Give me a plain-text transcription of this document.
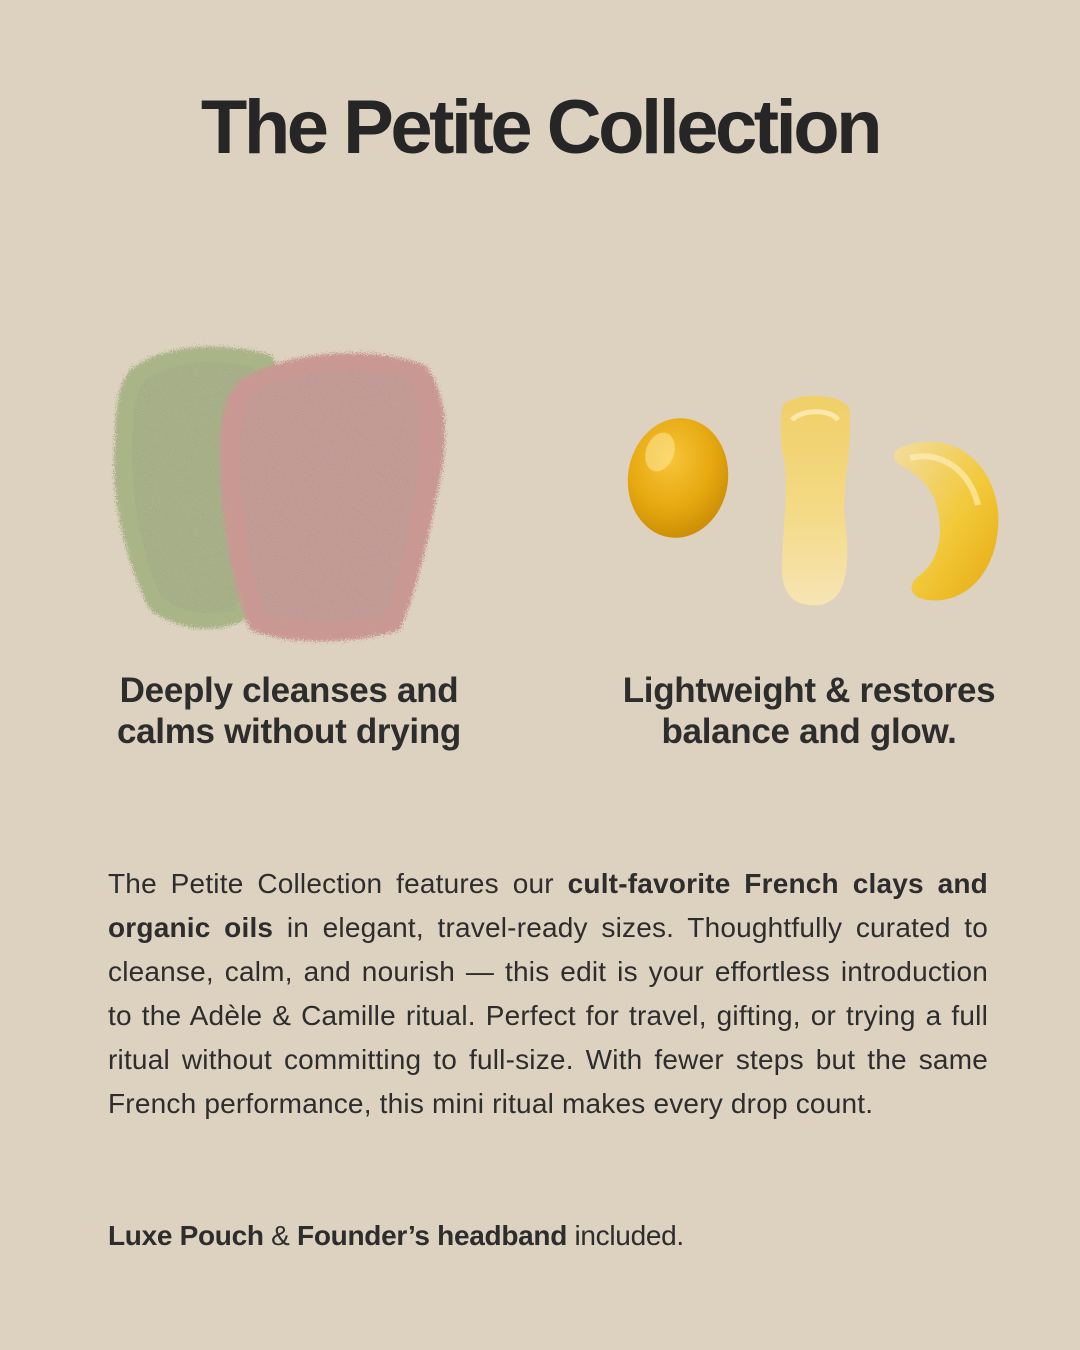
The Petite Collection
Deeply cleanses and
calms without drying
Lightweight & restores
balance and glow.

The Petite Collection features our cult-favorite French clays and organic oils in elegant, travel-ready sizes. Thoughtfully curated to cleanse, calm, and nourish — this edit is your effortless introduction to the Adèle & Camille ritual. Perfect for travel, gifting, or trying a full ritual without committing to full-size. With fewer steps but the same French performance, this mini ritual makes every drop count.

Luxe Pouch & Founder’s headband included.
